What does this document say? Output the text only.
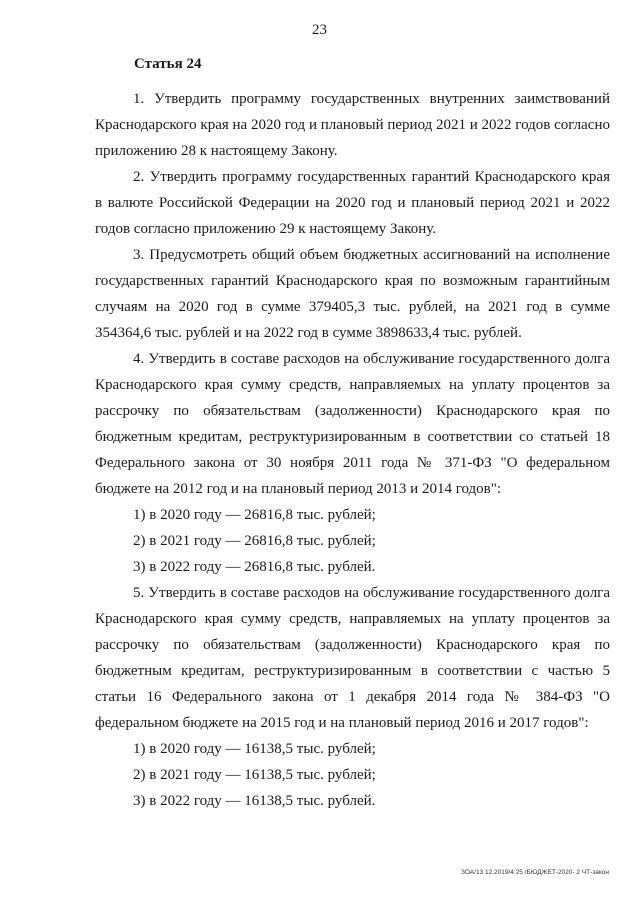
23
Статья 24

1. Утвердить программу государственных внутренних заимствований Краснодарского края на 2020 год и плановый период 2021 и 2022 годов согласно приложению 28 к настоящему Закону.

2. Утвердить программу государственных гарантий Краснодарского края в валюте Российской Федерации на 2020 год и плановый период 2021 и 2022 годов согласно приложению 29 к настоящему Закону.

3. Предусмотреть общий объем бюджетных ассигнований на исполнение государственных гарантий Краснодарского края по возможным гарантийным случаям на 2020 год в сумме 379405,3 тыс. рублей, на 2021 год в сумме 354364,6 тыс. рублей и на 2022 год в сумме 3898633,4 тыс. рублей.

4. Утвердить в составе расходов на обслуживание государственного долга Краснодарского края сумму средств, направляемых на уплату процентов за рассрочку по обязательствам (задолженности) Краснодарского края по бюджетным кредитам, реструктуризированным в соответствии со статьей 18 Федерального закона от 30 ноября 2011 года № 371-ФЗ "О федеральном бюджете на 2012 год и на плановый период 2013 и 2014 годов":

1) в 2020 году — 26816,8 тыс. рублей;

2) в 2021 году — 26816,8 тыс. рублей;

3) в 2022 году — 26816,8 тыс. рублей.

5. Утвердить в составе расходов на обслуживание государственного долга Краснодарского края сумму средств, направляемых на уплату процентов за рассрочку по обязательствам (задолженности) Краснодарского края по бюджетным кредитам, реструктуризированным в соответствии с частью 5 статьи 16 Федерального закона от 1 декабря 2014 года № 384-ФЗ "О федеральном бюджете на 2015 год и на плановый период 2016 и 2017 годов":

1) в 2020 году — 16138,5 тыс. рублей;

2) в 2021 году — 16138,5 тыс. рублей;

3) в 2022 году — 16138,5 тыс. рублей.

ЗОА/13.12.2019/4:25 /БЮДЖЕТ-2020- 2 ЧТ-закон
